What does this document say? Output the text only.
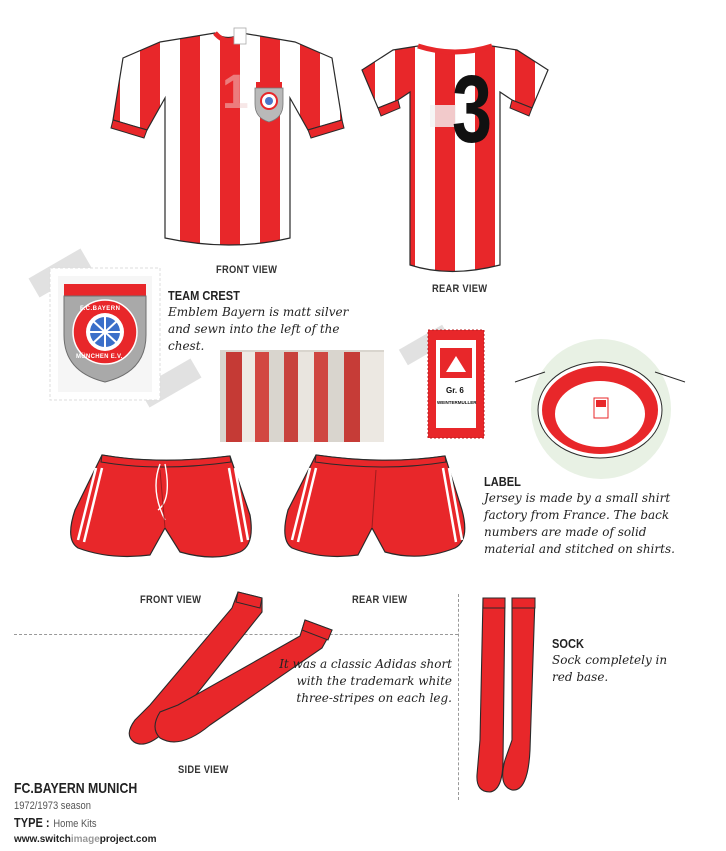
1
FRONT VIEW
3
REAR VIEW
F.C.BAYERN
MÜNCHEN E.V.
TEAM CREST
Emblem Bayern is matt silver and sewn into the left of the chest.
Gr. 6
WEINTERMULLER
LABEL
Jersey is made by a small shirt factory from France. The back numbers are made of solid material and stitched on shirts.
FRONT VIEW	REAR VIEW
SIDE VIEW
It was a classic Adidas short with the trademark white three-stripes on each leg.
SOCK
Sock completely in red base.
FC.BAYERN MUNICH
1972/1973 season
TYPE : Home Kits
www.switchimageproject.com
